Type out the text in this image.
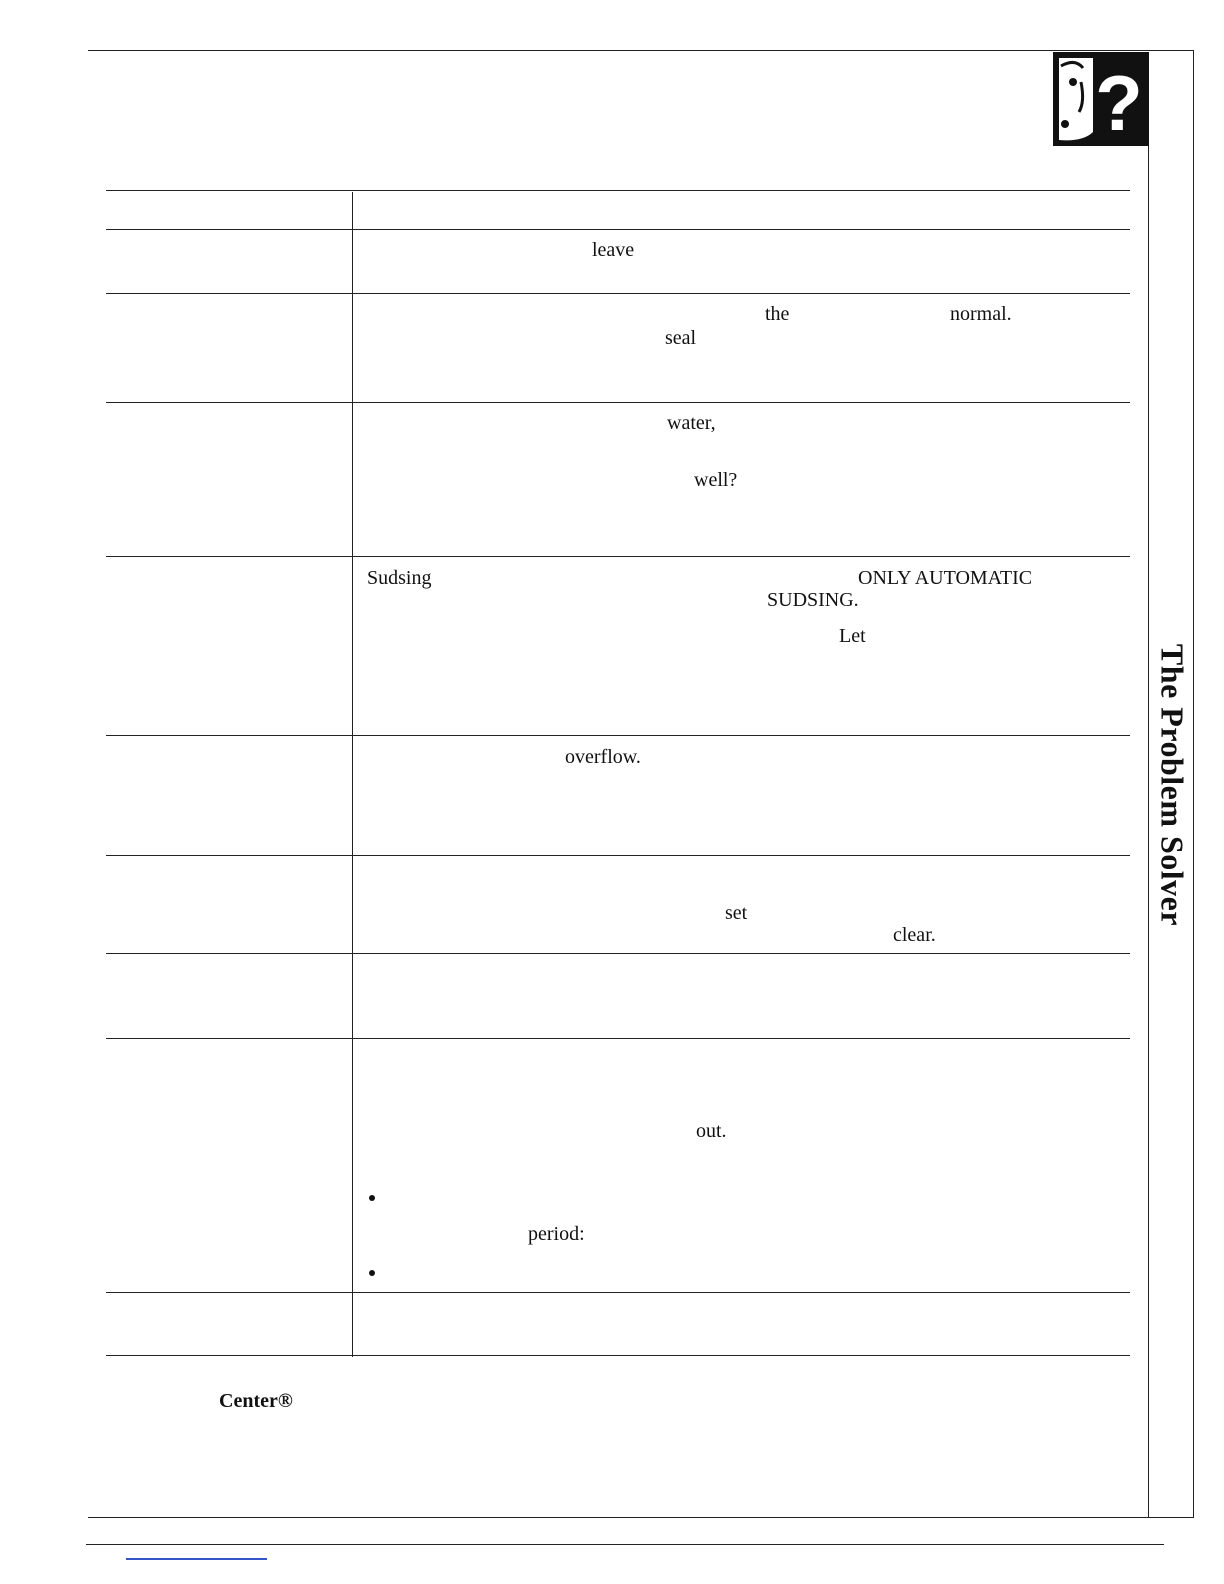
?
The Problem Solver
leave
the	normal.
seal
water,
well?
Sudsing	ONLY AUTOMATIC
SUDSING.
Let
overflow.
set
clear.
out.
period:
Center®
